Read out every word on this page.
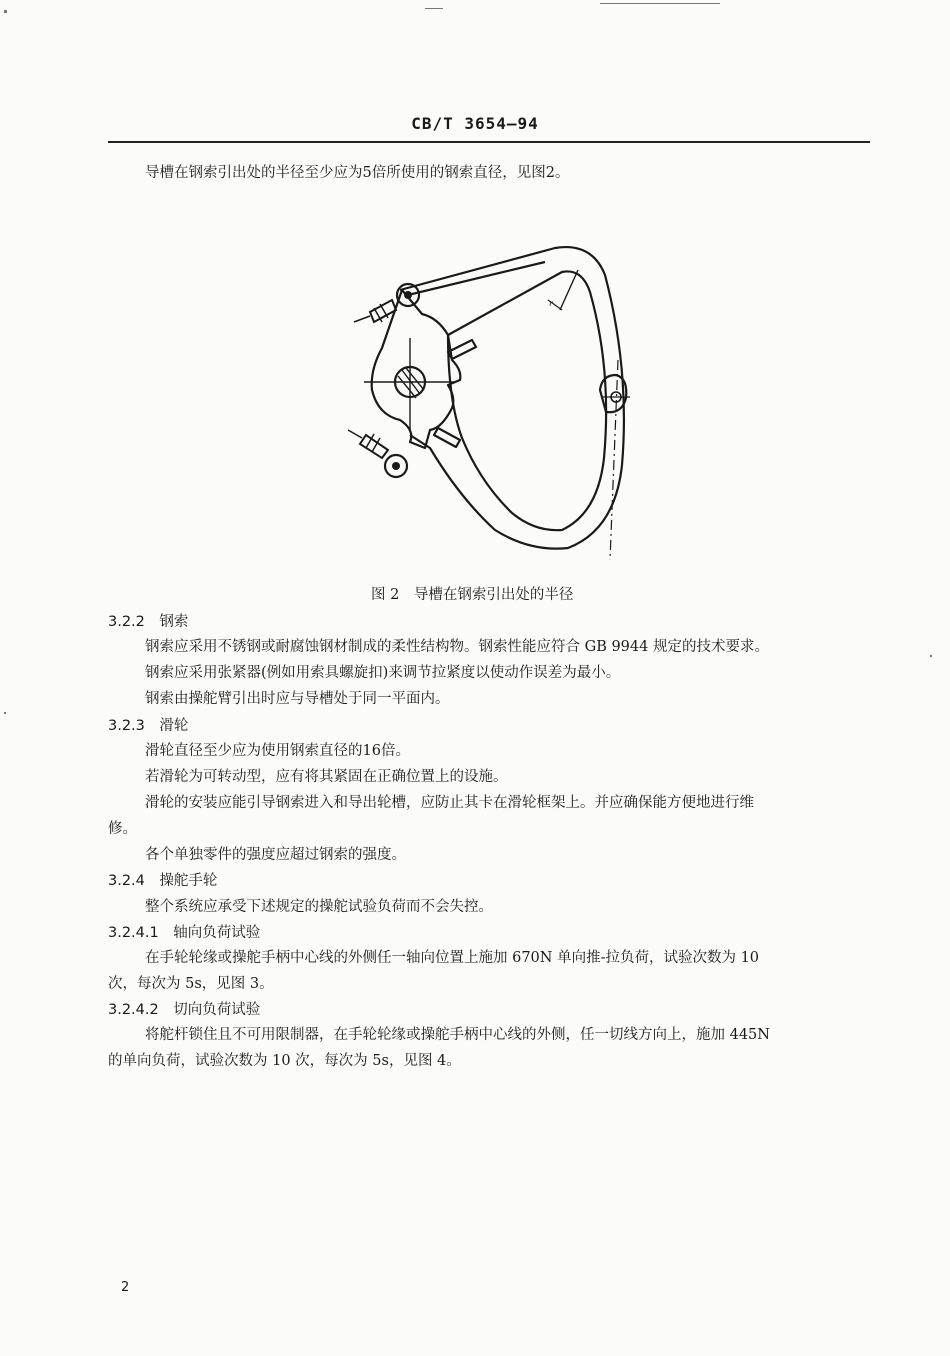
CB/T 3654—94
导槽在钢索引出处的半径至少应为5倍所使用的钢索直径，见图2。
r
图 2　导槽在钢索引出处的半径
3.2.2　钢索
钢索应采用不锈钢或耐腐蚀钢材制成的柔性结构物。钢索性能应符合 GB 9944 规定的技术要求。
钢索应采用张紧器(例如用索具螺旋扣)来调节拉紧度以使动作误差为最小。
钢索由操舵臂引出时应与导槽处于同一平面内。
3.2.3　滑轮
滑轮直径至少应为使用钢索直径的16倍。
若滑轮为可转动型，应有将其紧固在正确位置上的设施。
滑轮的安装应能引导钢索进入和导出轮槽，应防止其卡在滑轮框架上。并应确保能方便地进行维
修。
各个单独零件的强度应超过钢索的强度。
3.2.4　操舵手轮
整个系统应承受下述规定的操舵试验负荷而不会失控。
3.2.4.1　轴向负荷试验
在手轮轮缘或操舵手柄中心线的外侧任一轴向位置上施加 670N 单向推-拉负荷，试验次数为 10
次，每次为 5s，见图 3。
3.2.4.2　切向负荷试验
将舵杆锁住且不可用限制器，在手轮轮缘或操舵手柄中心线的外侧，任一切线方向上，施加 445N
的单向负荷，试验次数为 10 次，每次为 5s，见图 4。
2
